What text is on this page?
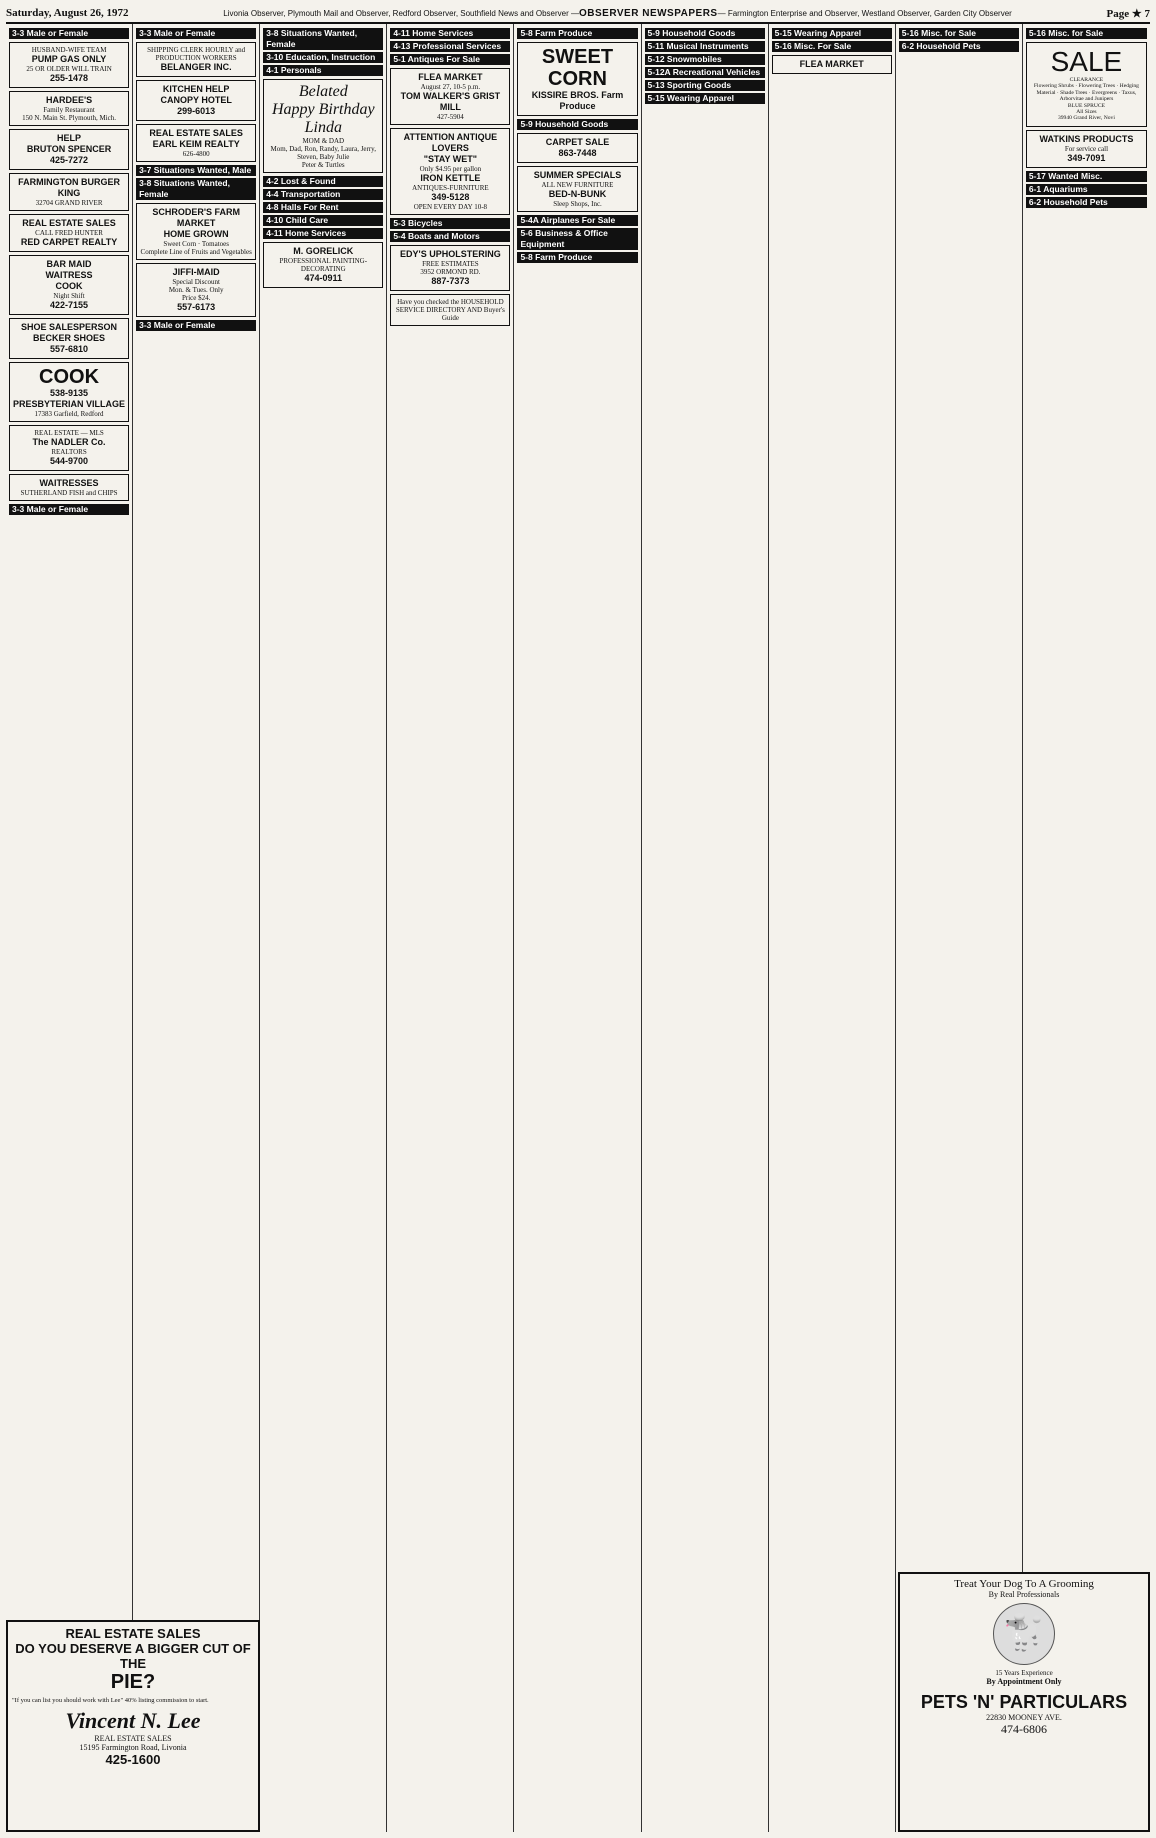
Saturday, August 26, 1972	Livonia Observer, Plymouth Mail and Observer, Redford Observer, Southfield News and Observer —OBSERVER NEWSPAPERS— Farmington Enterprise and Observer, Westland Observer, Garden City Observer	Page ★ 7
3-3 Male or Female
HUSBAND-WIFE TEAM
PUMP GAS ONLY
25 OR OLDER WILL TRAIN
255-1478
HARDEE'S
Family Restaurant
150 N. Main St. Plymouth, Mich.
HELP
BRUTON SPENCER
425-7272
FARMINGTON BURGER KING
32704 GRAND RIVER
REAL ESTATE SALES
CALL FRED HUNTER
RED CARPET REALTY
BAR MAID
WAITRESS
COOK
Night Shift
422-7155
SHOE SALESPERSON
BECKER SHOES
557-6810
COOK
538-9135
PRESBYTERIAN VILLAGE
17383 Garfield, Redford
REAL ESTATE — MLS
The NADLER Co.
REALTORS
544-9700
WAITRESSES
SUTHERLAND FISH and CHIPS
3-3 Male or Female
3-3 Male or Female
SHIPPING CLERK HOURLY and PRODUCTION WORKERS
BELANGER INC.
KITCHEN HELP
CANOPY HOTEL
299-6013
REAL ESTATE SALES
EARL KEIM REALTY
626-4800
3-7 Situations Wanted, Male
3-8 Situations Wanted, Female
SCHRODER'S FARM MARKET
HOME GROWN
Sweet Corn · Tomatoes
Complete Line of Fruits and Vegetables
JIFFI-MAID
Special Discount
Mon. & Tues. Only
Price $24.
557-6173
3-3 Male or Female
3-8 Situations Wanted, Female
3-10 Education, Instruction
4-1 Personals
Belated
Happy Birthday
Linda
MOM & DAD
Mom, Dad, Ron, Randy, Laura, Jerry, Steven, Baby Julie
Peter & Turtles
4-2 Lost & Found
4-4 Transportation
4-8 Halls For Rent
4-10 Child Care
4-11 Home Services
M. GORELICK
PROFESSIONAL PAINTING-DECORATING
474-0911
4-11 Home Services
4-13 Professional Services
5-1 Antiques For Sale
FLEA MARKET
August 27, 10-5 p.m.
TOM WALKER'S GRIST MILL
427-5904
ATTENTION ANTIQUE LOVERS
"STAY WET"
Only $4.95 per gallon
IRON KETTLE
ANTIQUES-FURNITURE
349-5128
OPEN EVERY DAY 10-8
5-3 Bicycles
5-4 Boats and Motors
EDY'S UPHOLSTERING
FREE ESTIMATES
3952 ORMOND RD.
887-7373
Have you checked the HOUSEHOLD SERVICE DIRECTORY AND Buyer's Guide
5-8 Farm Produce
SWEET CORN
KISSIRE BROS. Farm Produce
5-9 Household Goods
CARPET SALE
863-7448
SUMMER SPECIALS
ALL NEW FURNITURE
BED-N-BUNK
Sleep Shops, Inc.
5-4A Airplanes For Sale
5-6 Business & Office Equipment
5-8 Farm Produce
5-9 Household Goods
5-11 Musical Instruments
5-12 Snowmobiles
5-12A Recreational Vehicles
5-13 Sporting Goods
5-15 Wearing Apparel
5-15 Wearing Apparel
5-16 Misc. For Sale
FLEA MARKET
5-16 Misc. for Sale
6-2 Household Pets
5-16 Misc. for Sale
SALE
CLEARANCE
Flowering Shrubs · Flowering Trees · Hedging Material · Shade Trees · Evergreens · Taxus, Arborvitae and Junipers
BLUE SPRUCE
All Sizes
39940 Grand River, Novi
WATKINS PRODUCTS
For service call
349-7091
5-17 Wanted Misc.
6-1 Aquariums
6-2 Household Pets
REAL ESTATE SALES
DO YOU DESERVE A BIGGER CUT OF THE
PIE?
"If you can list you should work with Lee" 40% listing commission to start.
Vincent N. Lee
REAL ESTATE SALES
15195 Farmington Road, Livonia
425-1600
Treat Your Dog To A Grooming
By Real Professionals
🐩
15 Years Experience
By Appointment Only
PETS 'N' PARTICULARS
22830 MOONEY AVE.
474-6806
